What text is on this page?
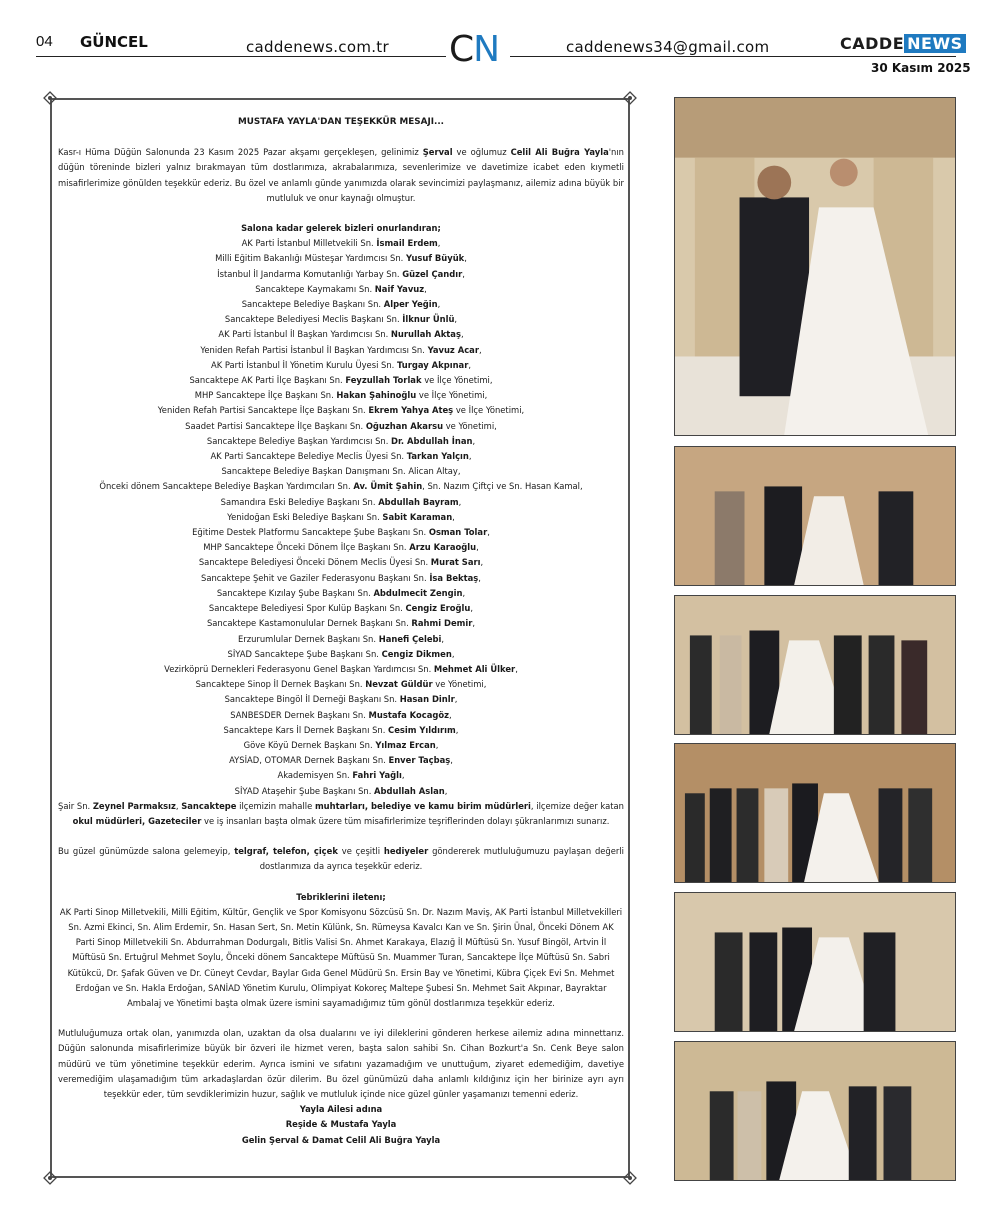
04 GÜNCEL	caddenews.com.tr CN	caddenews34@gmail.com	CADDE NEWS
30 Kasım 2025

MUSTAFA YAYLA'DAN TEŞEKKÜR MESAJI...

Kasr-ı Hüma Düğün Salonunda 23 Kasım 2025 Pazar akşamı gerçekleşen, gelinimiz Şerval ve oğlumuz Celil Ali Buğra Yayla'nın düğün töreninde bizleri yalnız bırakmayan tüm dostlarımıza, akrabalarımıza, sevenlerimize ve davetimize icabet eden kıymetli misafirlerimize gönülden teşekkür ederiz. Bu özel ve anlamlı günde yanımızda olarak sevincimizi paylaşmanız, ailemiz adına büyük bir mutluluk ve onur kaynağı olmuştur.

Salona kadar gelerek bizleri onurlandıran;

AK Parti İstanbul Milletvekili Sn. İsmail Erdem,

Milli Eğitim Bakanlığı Müsteşar Yardımcısı Sn. Yusuf Büyük,

İstanbul İl Jandarma Komutanlığı Yarbay Sn. Güzel Çandır,

Sancaktepe Kaymakamı Sn. Naif Yavuz,

Sancaktepe Belediye Başkanı Sn. Alper Yeğin,

Sancaktepe Belediyesi Meclis Başkanı Sn. İlknur Ünlü,

AK Parti İstanbul İl Başkan Yardımcısı Sn. Nurullah Aktaş,

Yeniden Refah Partisi İstanbul İl Başkan Yardımcısı Sn. Yavuz Acar,

AK Parti İstanbul İl Yönetim Kurulu Üyesi Sn. Turgay Akpınar,

Sancaktepe AK Parti İlçe Başkanı Sn. Feyzullah Torlak ve İlçe Yönetimi,

MHP Sancaktepe İlçe Başkanı Sn. Hakan Şahinoğlu ve İlçe Yönetimi,

Yeniden Refah Partisi Sancaktepe İlçe Başkanı Sn. Ekrem Yahya Ateş ve İlçe Yönetimi,

Saadet Partisi Sancaktepe İlçe Başkanı Sn. Oğuzhan Akarsu ve Yönetimi,

Sancaktepe Belediye Başkan Yardımcısı Sn. Dr. Abdullah İnan,

AK Parti Sancaktepe Belediye Meclis Üyesi Sn. Tarkan Yalçın,

Sancaktepe Belediye Başkan Danışmanı Sn. Alican Altay,

Önceki dönem Sancaktepe Belediye Başkan Yardımcıları Sn. Av. Ümit Şahin, Sn. Nazım Çiftçi ve Sn. Hasan Kamal,

Samandıra Eski Belediye Başkanı Sn. Abdullah Bayram,

Yenidoğan Eski Belediye Başkanı Sn. Sabit Karaman,

Eğitime Destek Platformu Sancaktepe Şube Başkanı Sn. Osman Tolar,

MHP Sancaktepe Önceki Dönem İlçe Başkanı Sn. Arzu Karaoğlu,

Sancaktepe Belediyesi Önceki Dönem Meclis Üyesi Sn. Murat Sarı,

Sancaktepe Şehit ve Gaziler Federasyonu Başkanı Sn. İsa Bektaş,

Sancaktepe Kızılay Şube Başkanı Sn. Abdulmecit Zengin,

Sancaktepe Belediyesi Spor Kulüp Başkanı Sn. Cengiz Eroğlu,

Sancaktepe Kastamonulular Dernek Başkanı Sn. Rahmi Demir,

Erzurumlular Dernek Başkanı Sn. Hanefi Çelebi,

SİYAD Sancaktepe Şube Başkanı Sn. Cengiz Dikmen,

Vezirköprü Dernekleri Federasyonu Genel Başkan Yardımcısı Sn. Mehmet Ali Ülker,

Sancaktepe Sinop İl Dernek Başkanı Sn. Nevzat Güldür ve Yönetimi,

Sancaktepe Bingöl İl Derneği Başkanı Sn. Hasan Dinlr,

SANBESDER Dernek Başkanı Sn. Mustafa Kocagöz,

Sancaktepe Kars İl Dernek Başkanı Sn. Cesim Yıldırım,

Göve Köyü Dernek Başkanı Sn. Yılmaz Ercan,

AYSİAD, OTOMAR Dernek Başkanı Sn. Enver Taçbaş,

Akademisyen Sn. Fahri Yağlı,

SİYAD Ataşehir Şube Başkanı Sn. Abdullah Aslan,

Şair Sn. Zeynel Parmaksız, Sancaktepe ilçemizin mahalle muhtarları, belediye ve kamu birim müdürleri, ilçemize değer katan okul müdürleri, Gazeteciler ve iş insanları başta olmak üzere tüm misafirlerimize teşriflerinden dolayı şükranlarımızı sunarız.

Bu güzel günümüzde salona gelemeyip, telgraf, telefon, çiçek ve çeşitli hediyeler göndererek mutluluğumuzu paylaşan değerli dostlarımıza da ayrıca teşekkür ederiz.

Tebriklerini iletenı;

AK Parti Sinop Milletvekili, Milli Eğitim, Kültür, Gençlik ve Spor Komisyonu Sözcüsü Sn. Dr. Nazım Maviş, AK Parti İstanbul Milletvekilleri Sn. Azmi Ekinci, Sn. Alim Erdemir, Sn. Hasan Sert, Sn. Metin Külünk, Sn. Rümeysa Kavalcı Kan ve Sn. Şirin Ünal, Önceki Dönem AK Parti Sinop Milletvekili Sn. Abdurrahman Dodurgalı, Bitlis Valisi Sn. Ahmet Karakaya, Elazığ İl Müftüsü Sn. Yusuf Bingöl, Artvin İl Müftüsü Sn. Ertuğrul Mehmet Soylu, Önceki dönem Sancaktepe Müftüsü Sn. Muammer Turan, Sancaktepe İlçe Müftüsü Sn. Sabri Kütükcü, Dr. Şafak Güven ve Dr. Cüneyt Cevdar, Baylar Gıda Genel Müdürü Sn. Ersin Bay ve Yönetimi, Kübra Çiçek Evi Sn. Mehmet Erdoğan ve Sn. Hakla Erdoğan, SANİAD Yönetim Kurulu, Olimpiyat Kokoreç Maltepe Şubesi Sn. Mehmet Sait Akpınar, Bayraktar Ambalaj ve Yönetimi başta olmak üzere ismini sayamadığımız tüm gönül dostlarımıza teşekkür ederiz.

Mutluluğumuza ortak olan, yanımızda olan, uzaktan da olsa dualarını ve iyi dileklerini gönderen herkese ailemiz adına minnettarız. Düğün salonunda misafirlerimize büyük bir özveri ile hizmet veren, başta salon sahibi Sn. Cihan Bozkurt'a Sn. Cenk Beye salon müdürü ve tüm yönetimine teşekkür ederim. Ayrıca ismini ve sıfatını yazamadığım ve unuttuğum, ziyaret edemediğim, davetiye veremediğim ulaşamadığım tüm arkadaşlardan özür dilerim. Bu özel günümüzü daha anlamlı kıldığınız için her birinize ayrı ayrı teşekkür eder, tüm sevdiklerimizin huzur, sağlık ve mutluluk içinde nice güzel günler yaşamanızı temenni ederiz.

Yayla Ailesi adına

Reşide & Mustafa Yayla

Gelin Şerval & Damat Celil Ali Buğra Yayla
